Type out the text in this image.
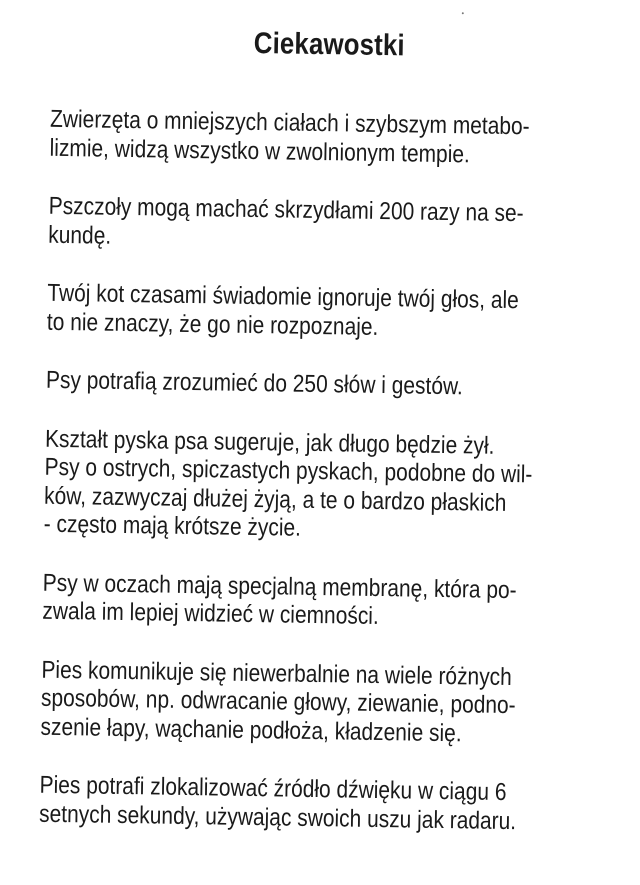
Ciekawostki

Zwierzęta o mniejszych ciałach i szybszym metabo-
lizmie, widzą wszystko w zwolnionym tempie.

Pszczoły mogą machać skrzydłami 200 razy na se-
kundę.

Twój kot czasami świadomie ignoruje twój głos, ale
to nie znaczy, że go nie rozpoznaje.

Psy potrafią zrozumieć do 250 słów i gestów.

Kształt pyska psa sugeruje, jak długo będzie żył.
Psy o ostrych, spiczastych pyskach, podobne do wil-
ków, zazwyczaj dłużej żyją, a te o bardzo płaskich
- często mają krótsze życie.

Psy w oczach mają specjalną membranę, która po-
zwala im lepiej widzieć w ciemności.

Pies komunikuje się niewerbalnie na wiele różnych
sposobów, np. odwracanie głowy, ziewanie, podno-
szenie łapy, wąchanie podłoża, kładzenie się.

Pies potrafi zlokalizować źródło dźwięku w ciągu 6
setnych sekundy, używając swoich uszu jak radaru.
